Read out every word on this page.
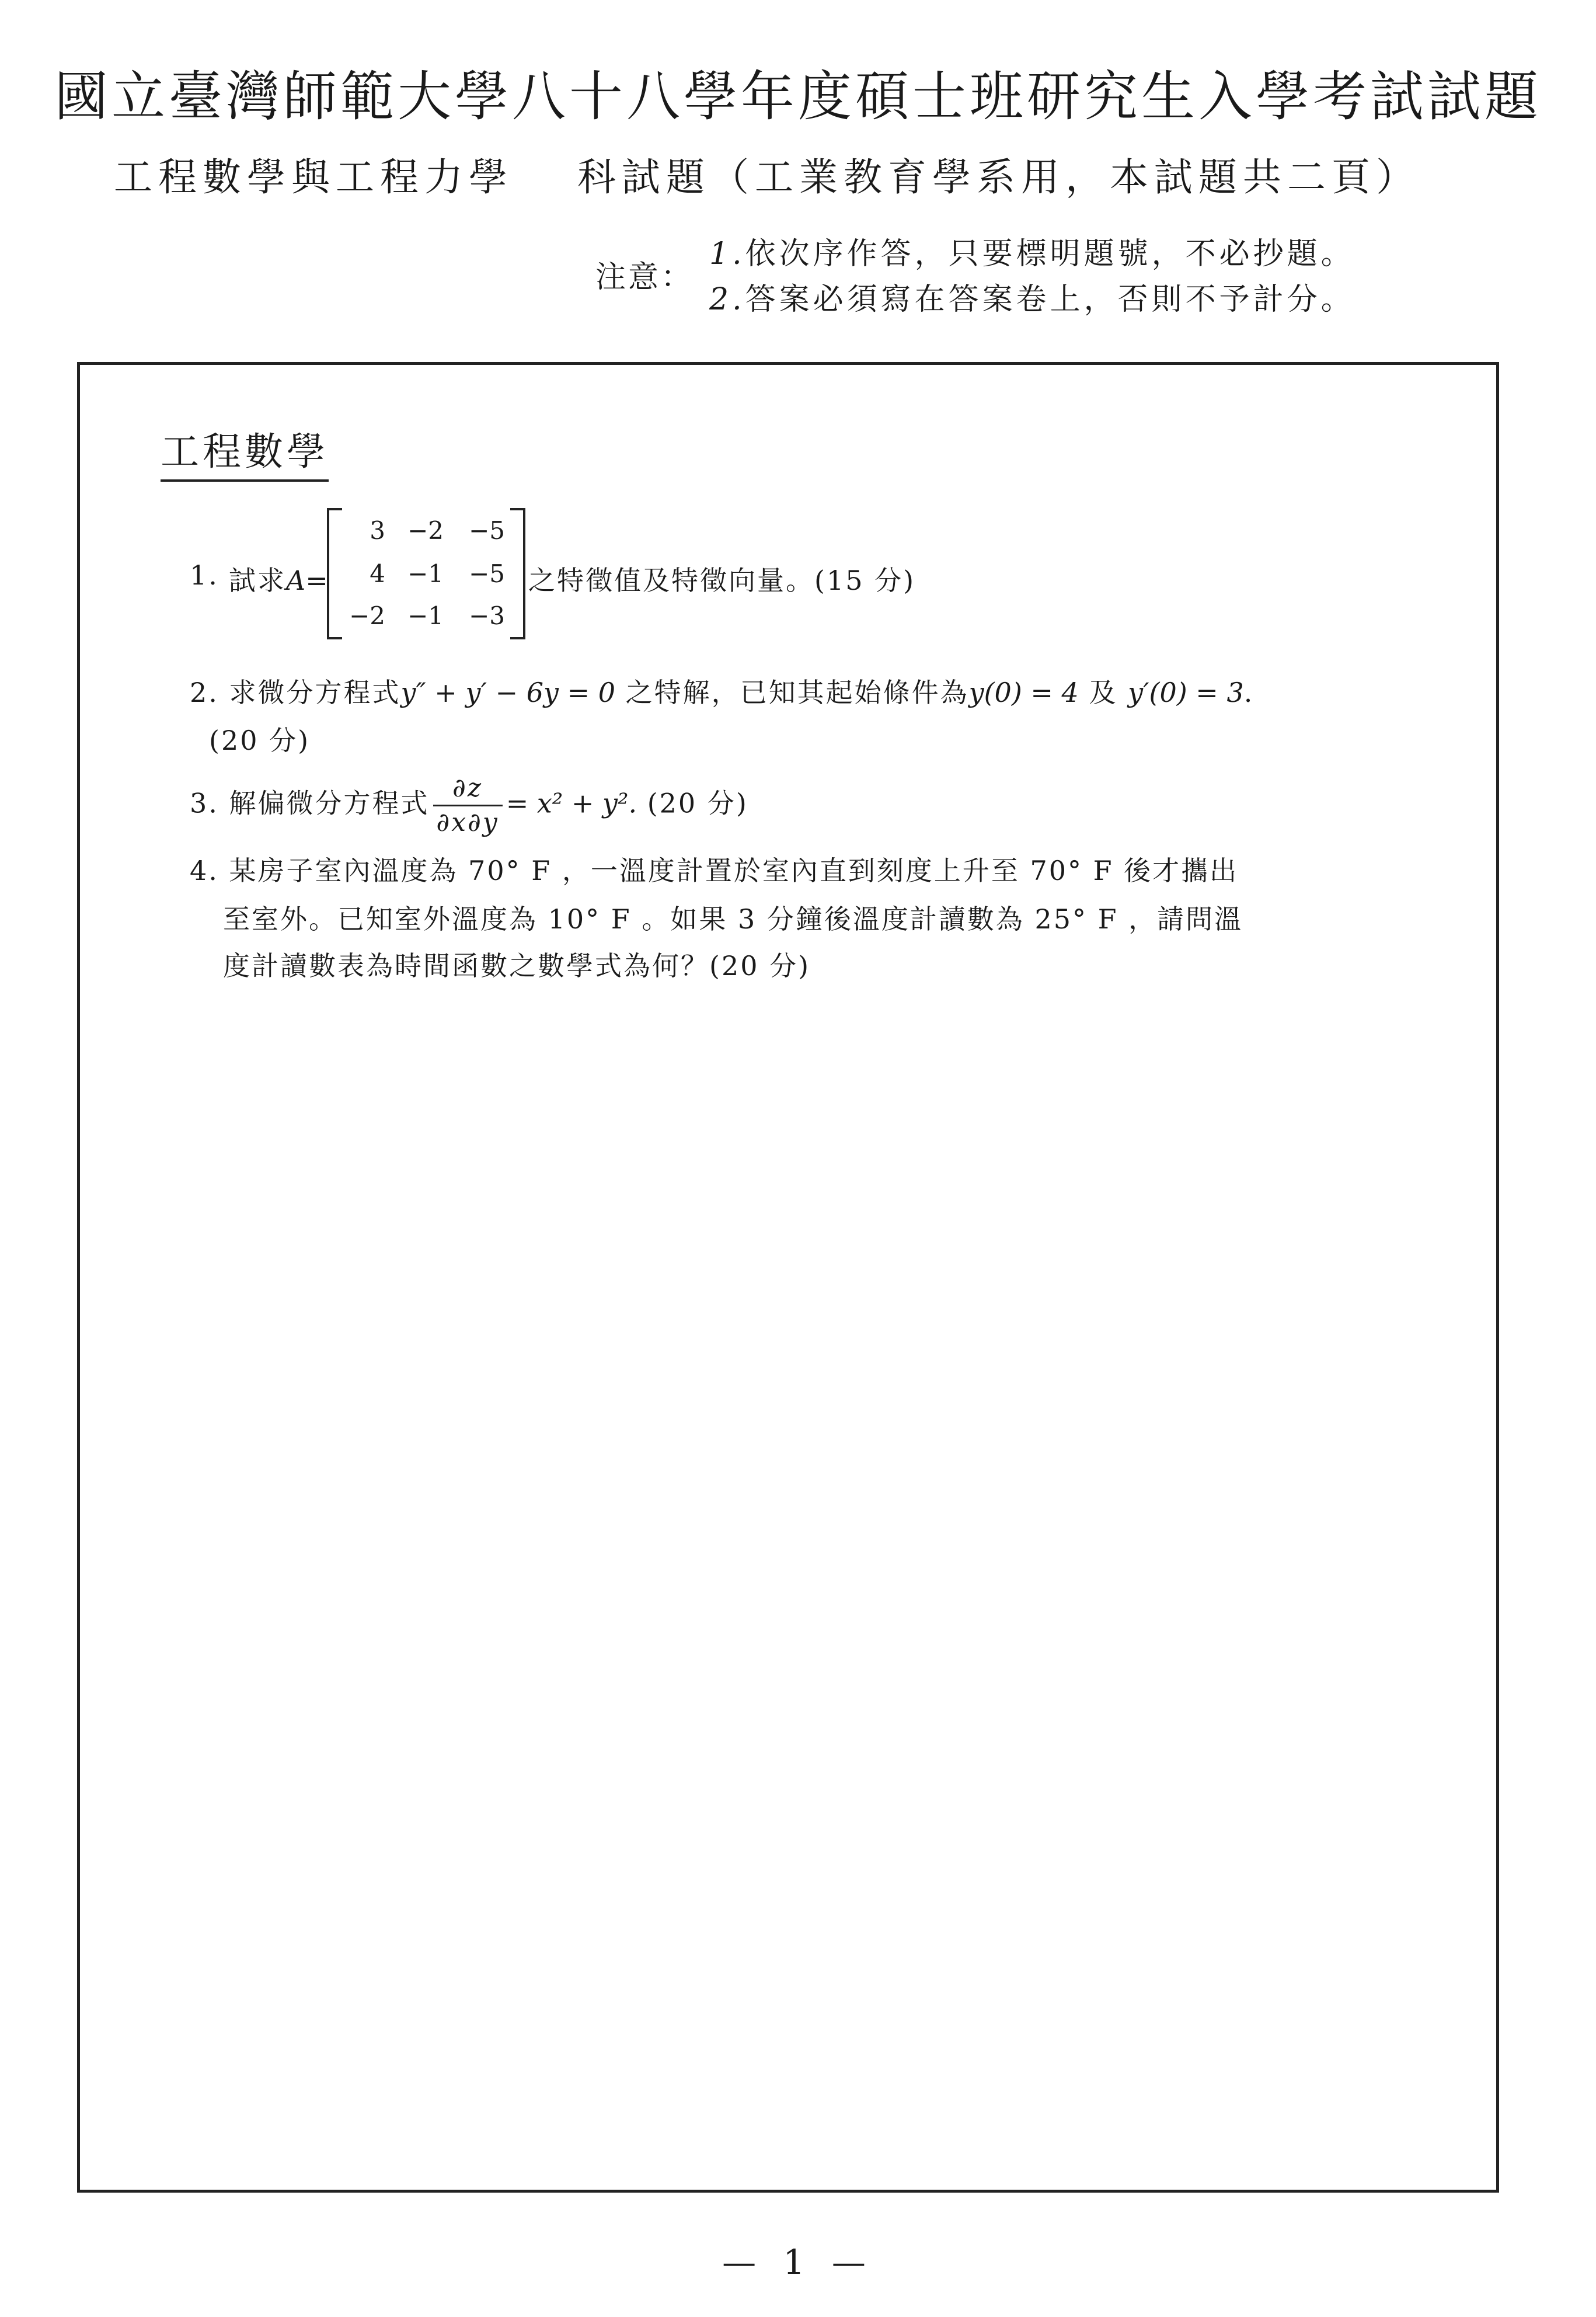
國立臺灣師範大學八十八學年度碩士班研究生入學考試試題
工程數學與工程力學 科試題（工業教育學系用，本試題共二頁）
注意：
1.依次序作答，只要標明題號，不必抄題。
2.答案必須寫在答案卷上，否則不予計分。
工程數學
1. 試求A=
3 −2	−5
4 −1	−5
−2 −1	−3
之特徵值及特徵向量。(15 分)
2. 求微分方程式y″ + y′ − 6y = 0 之特解，已知其起始條件為y(0) = 4 及 y′(0) = 3.
(20 分)
3. 解偏微分方程式 $\frac{\partial z}{\partial x\partial y} = x^2 + y^2$. (20 分)
4. 某房子室內溫度為 70° F ，一溫度計置於室內直到刻度上升至 70° F 後才攜出
至室外。已知室外溫度為 10° F 。如果 3 分鐘後溫度計讀數為 25° F ，請問溫
度計讀數表為時間函數之數學式為何？(20 分)
— 1 —
